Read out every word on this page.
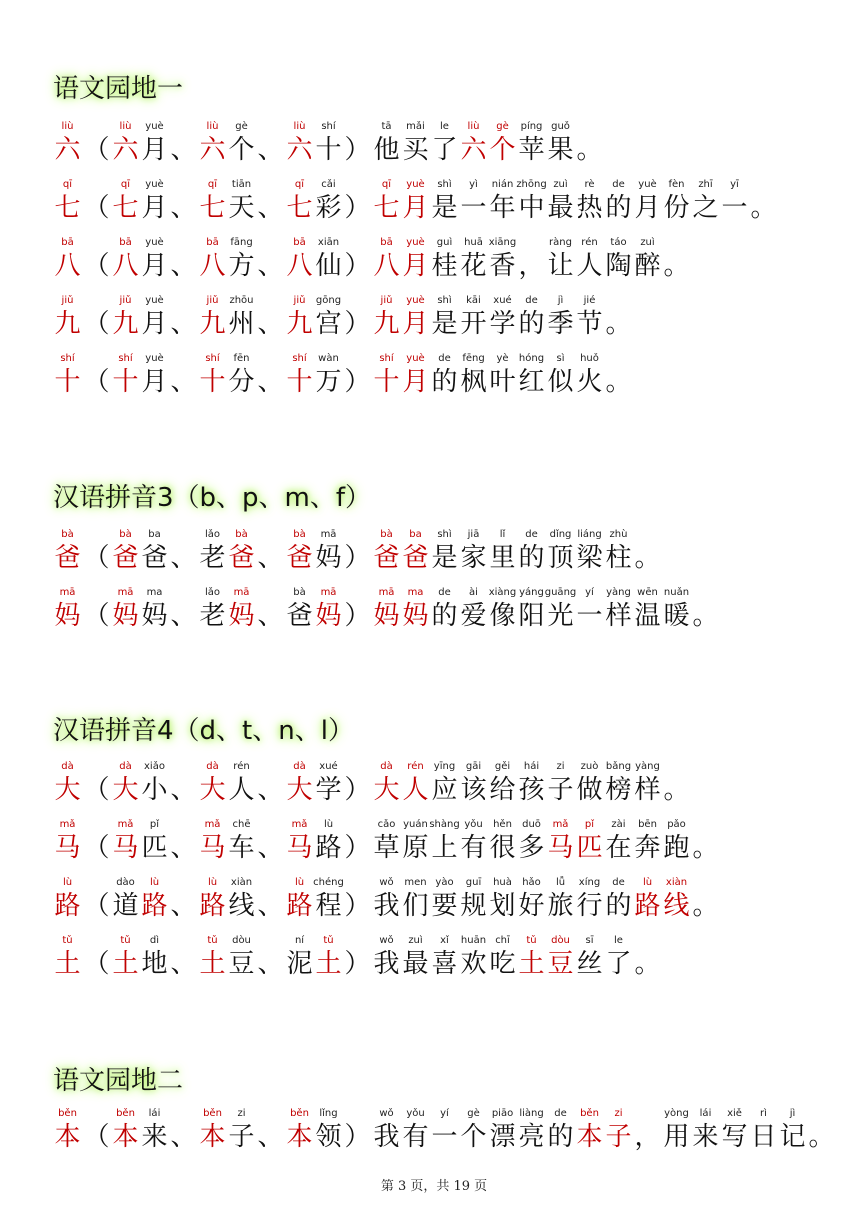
语文园地一
liù
六 （
liù
六
yuè
月 、
liù
六
gè
个 、
liù
六
shí
十 ）
tā
他
mǎi
买
le
了
liù
六
gè
个
píng
苹
guǒ
果 。
qī
七 （
qī
七
yuè
月 、
qī
七
tiān
天 、
qī
七
cǎi
彩 ）
qī
七
yuè
月
shì
是
yì
一
nián
年
zhōng
中
zuì
最
rè
热
de
的
yuè
月
fèn
份
zhī
之
yī
一 。
bā
八 （
bā
八
yuè
月 、
bā
八
fāng
方 、
bā
八
xiān
仙 ）
bā
八
yuè
月
guì
桂
huā
花
xiāng
香 ，
ràng
让
rén
人
táo
陶
zuì
醉 。
jiǔ
九 （
jiǔ
九
yuè
月 、
jiǔ
九
zhōu
州 、
jiǔ
九
gōng
宫 ）
jiǔ
九
yuè
月
shì
是
kāi
开
xué
学
de
的
jì
季
jié
节 。
shí
十 （
shí
十
yuè
月 、
shí
十
fēn
分 、
shí
十
wàn
万 ）
shí
十
yuè
月
de
的
fēng
枫
yè
叶
hóng
红
sì
似
huǒ
火 。
汉语拼音3（b、p、m、f）
bà
爸 （
bà
爸
ba
爸 、
lǎo
老
bà
爸 、
bà
爸
mā
妈 ）
bà
爸
ba
爸
shì
是
jiā
家
lǐ
里
de
的
dǐng
顶
liáng
梁
zhù
柱 。
mā
妈 （
mā
妈
ma
妈 、
lǎo
老
mā
妈 、
bà
爸
mā
妈 ）
mā
妈
ma
妈
de
的
ài
爱
xiàng
像
yáng
阳
guāng
光
yí
一
yàng
样
wēn
温
nuǎn
暖 。
汉语拼音4（d、t、n、l）
dà
大 （
dà
大
xiǎo
小 、
dà
大
rén
人 、
dà
大
xué
学 ）
dà
大
rén
人
yīng
应
gāi
该
gěi
给
hái
孩
zi
子
zuò
做
bǎng
榜
yàng
样 。
mǎ
马 （
mǎ
马
pǐ
匹 、
mǎ
马
chē
车 、
mǎ
马
lù
路 ）
cǎo
草
yuán
原
shàng
上
yǒu
有
hěn
很
duō
多
mǎ
马
pǐ
匹
zài
在
bēn
奔
pǎo
跑 。
lù
路 （
dào
道
lù
路 、
lù
路
xiàn
线 、
lù
路
chéng
程 ）
wǒ
我
men
们
yào
要
guī
规
huà
划
hǎo
好
lǚ
旅
xíng
行
de
的
lù
路
xiàn
线 。
tǔ
土 （
tǔ
土
dì
地 、
tǔ
土
dòu
豆 、
ní
泥
tǔ
土 ）
wǒ
我
zuì
最
xǐ
喜
huān
欢
chī
吃
tǔ
土
dòu
豆
sī
丝
le
了 。
语文园地二
běn
本 （
běn
本
lái
来 、
běn
本
zi
子 、
běn
本
lǐng
领 ）
wǒ
我
yǒu
有
yí
一
gè
个
piāo
漂
liàng
亮
de
的
běn
本
zi
子 ，
yòng
用
lái
来
xiě
写
rì
日
jì
记 。
第 3 页，共 19 页
